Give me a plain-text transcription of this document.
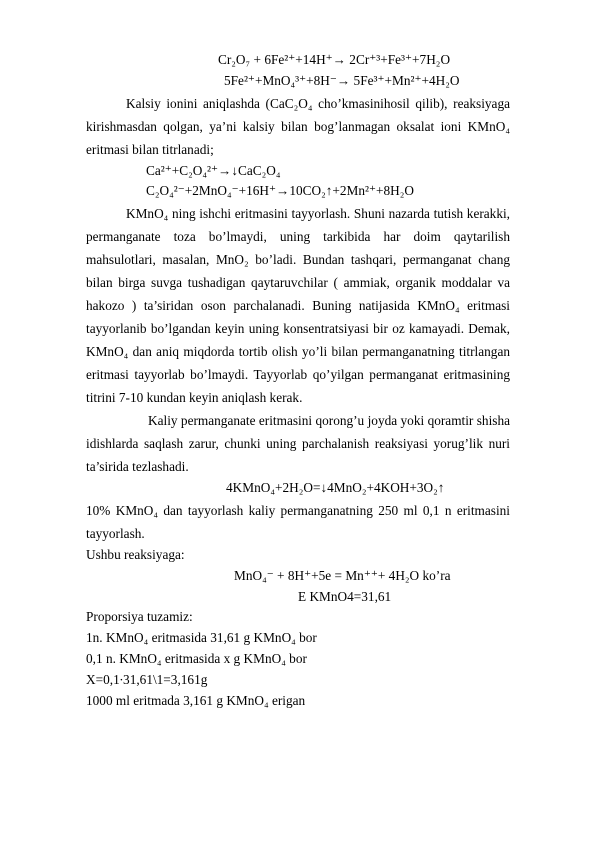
Cr₂O₇ + 6Fe²⁺+14H⁺→ 2Cr⁺³+Fe³⁺+7H₂O
5Fe²⁺+MnO₄³⁺+8H⁻→ 5Fe³⁺+Mn²⁺+4H₂O
Kalsiy ionini aniqlashda (CaC₂O₄ cho’kmasinihosil qilib), reaksiyaga kirishmasdan qolgan, ya’ni kalsiy bilan bog’lanmagan oksalat ioni KMnO₄ eritmasi bilan titrlanadi;
Ca²⁺+C₂O₄²⁺→↓CaC₂O₄
C₂O₄²⁻+2MnO₄⁻+16H⁺→10CO₂↑+2Mn²⁺+8H₂O
KMnO₄ ning ishchi eritmasini tayyorlash. Shuni nazarda tutish kerakki, permanganate toza bo’lmaydi, uning tarkibida har doim qaytarilish mahsulotlari, masalan, MnO₂ bo’ladi. Bundan tashqari, permanganat chang bilan birga suvga tushadigan qaytaruvchilar ( ammiak, organik moddalar va hakozo ) ta’siridan oson parchalanadi. Buning natijasida KMnO₄ eritmasi tayyorlanib bo’lgandan keyin uning konsentratsiyasi bir oz kamayadi. Demak, KMnO₄ dan aniq miqdorda tortib olish yo’li bilan permanganatning titrlangan eritmasi tayyorlab bo’lmaydi. Tayyorlab qo’yilgan permanganat eritmasining titrini 7-10 kundan keyin aniqlash kerak.
Kaliy permanganate eritmasini qorong’u joyda yoki qoramtir shisha idishlarda saqlash zarur, chunki uning parchalanish reaksiyasi yorug’lik nuri ta’sirida tezlashadi.
4KMnO₄+2H₂O=↓4MnO₂+4KOH+3O₂↑
10% KMnO₄ dan tayyorlash kaliy permanganatning 250 ml 0,1 n eritmasini tayyorlash.
Ushbu reaksiyaga:
MnO₄⁻ + 8H⁺+5e = Mn⁺⁺+ 4H₂O ko’ra
E KMnO4=31,61
Proporsiya tuzamiz:
1n. KMnO₄ eritmasida 31,61 g KMnO₄ bor
0,1 n. KMnO₄ eritmasida x g KMnO₄ bor
X=0,1∙31,61\1=3,161g
1000 ml eritmada 3,161 g KMnO₄ erigan
